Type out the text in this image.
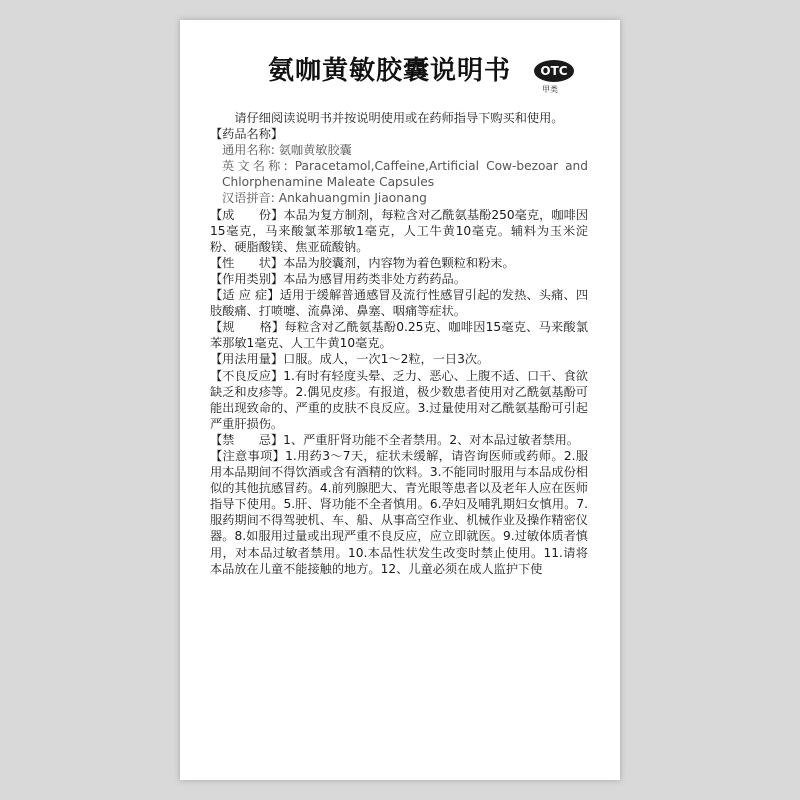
氨咖黄敏胶囊说明书	OTC
甲类

请仔细阅读说明书并按说明使用或在药师指导下购买和使用。

【药品名称】

通用名称: 氨咖黄敏胶囊

英文名称: Paracetamol,Caffeine,Artificial Cow-bezoar and Chlorphenamine Maleate Capsules

汉语拼音: Ankahuangmin Jiaonang

【成　　份】本品为复方制剂，每粒含对乙酰氨基酚250毫克，咖啡因15毫克，马来酸氯苯那敏1毫克，人工牛黄10毫克。辅料为玉米淀粉、硬脂酸镁、焦亚硫酸钠。

【性　　状】本品为胶囊剂，内容物为着色颗粒和粉末。

【作用类别】本品为感冒用药类非处方药药品。

【适 应 症】适用于缓解普通感冒及流行性感冒引起的发热、头痛、四肢酸痛、打喷嚏、流鼻涕、鼻塞、咽痛等症状。

【规　　格】每粒含对乙酰氨基酚0.25克、咖啡因15毫克、马来酸氯苯那敏1毫克、人工牛黄10毫克。

【用法用量】口服。成人，一次1～2粒，一日3次。

【不良反应】1.有时有轻度头晕、乏力、恶心、上腹不适、口干、食欲缺乏和皮疹等。2.偶见皮疹。有报道，极少数患者使用对乙酰氨基酚可能出现致命的、严重的皮肤不良反应。3.过量使用对乙酰氨基酚可引起严重肝损伤。

【禁　　忌】1、严重肝肾功能不全者禁用。2、对本品过敏者禁用。

【注意事项】1.用药3～7天，症状未缓解，请咨询医师或药师。2.服用本品期间不得饮酒或含有酒精的饮料。3.不能同时服用与本品成份相似的其他抗感冒药。4.前列腺肥大、青光眼等患者以及老年人应在医师指导下使用。5.肝、肾功能不全者慎用。6.孕妇及哺乳期妇女慎用。7.服药期间不得驾驶机、车、船、从事高空作业、机械作业及操作精密仪器。8.如服用过量或出现严重不良反应，应立即就医。9.过敏体质者慎用，对本品过敏者禁用。10.本品性状发生改变时禁止使用。11.请将本品放在儿童不能接触的地方。12、儿童必须在成人监护下使
